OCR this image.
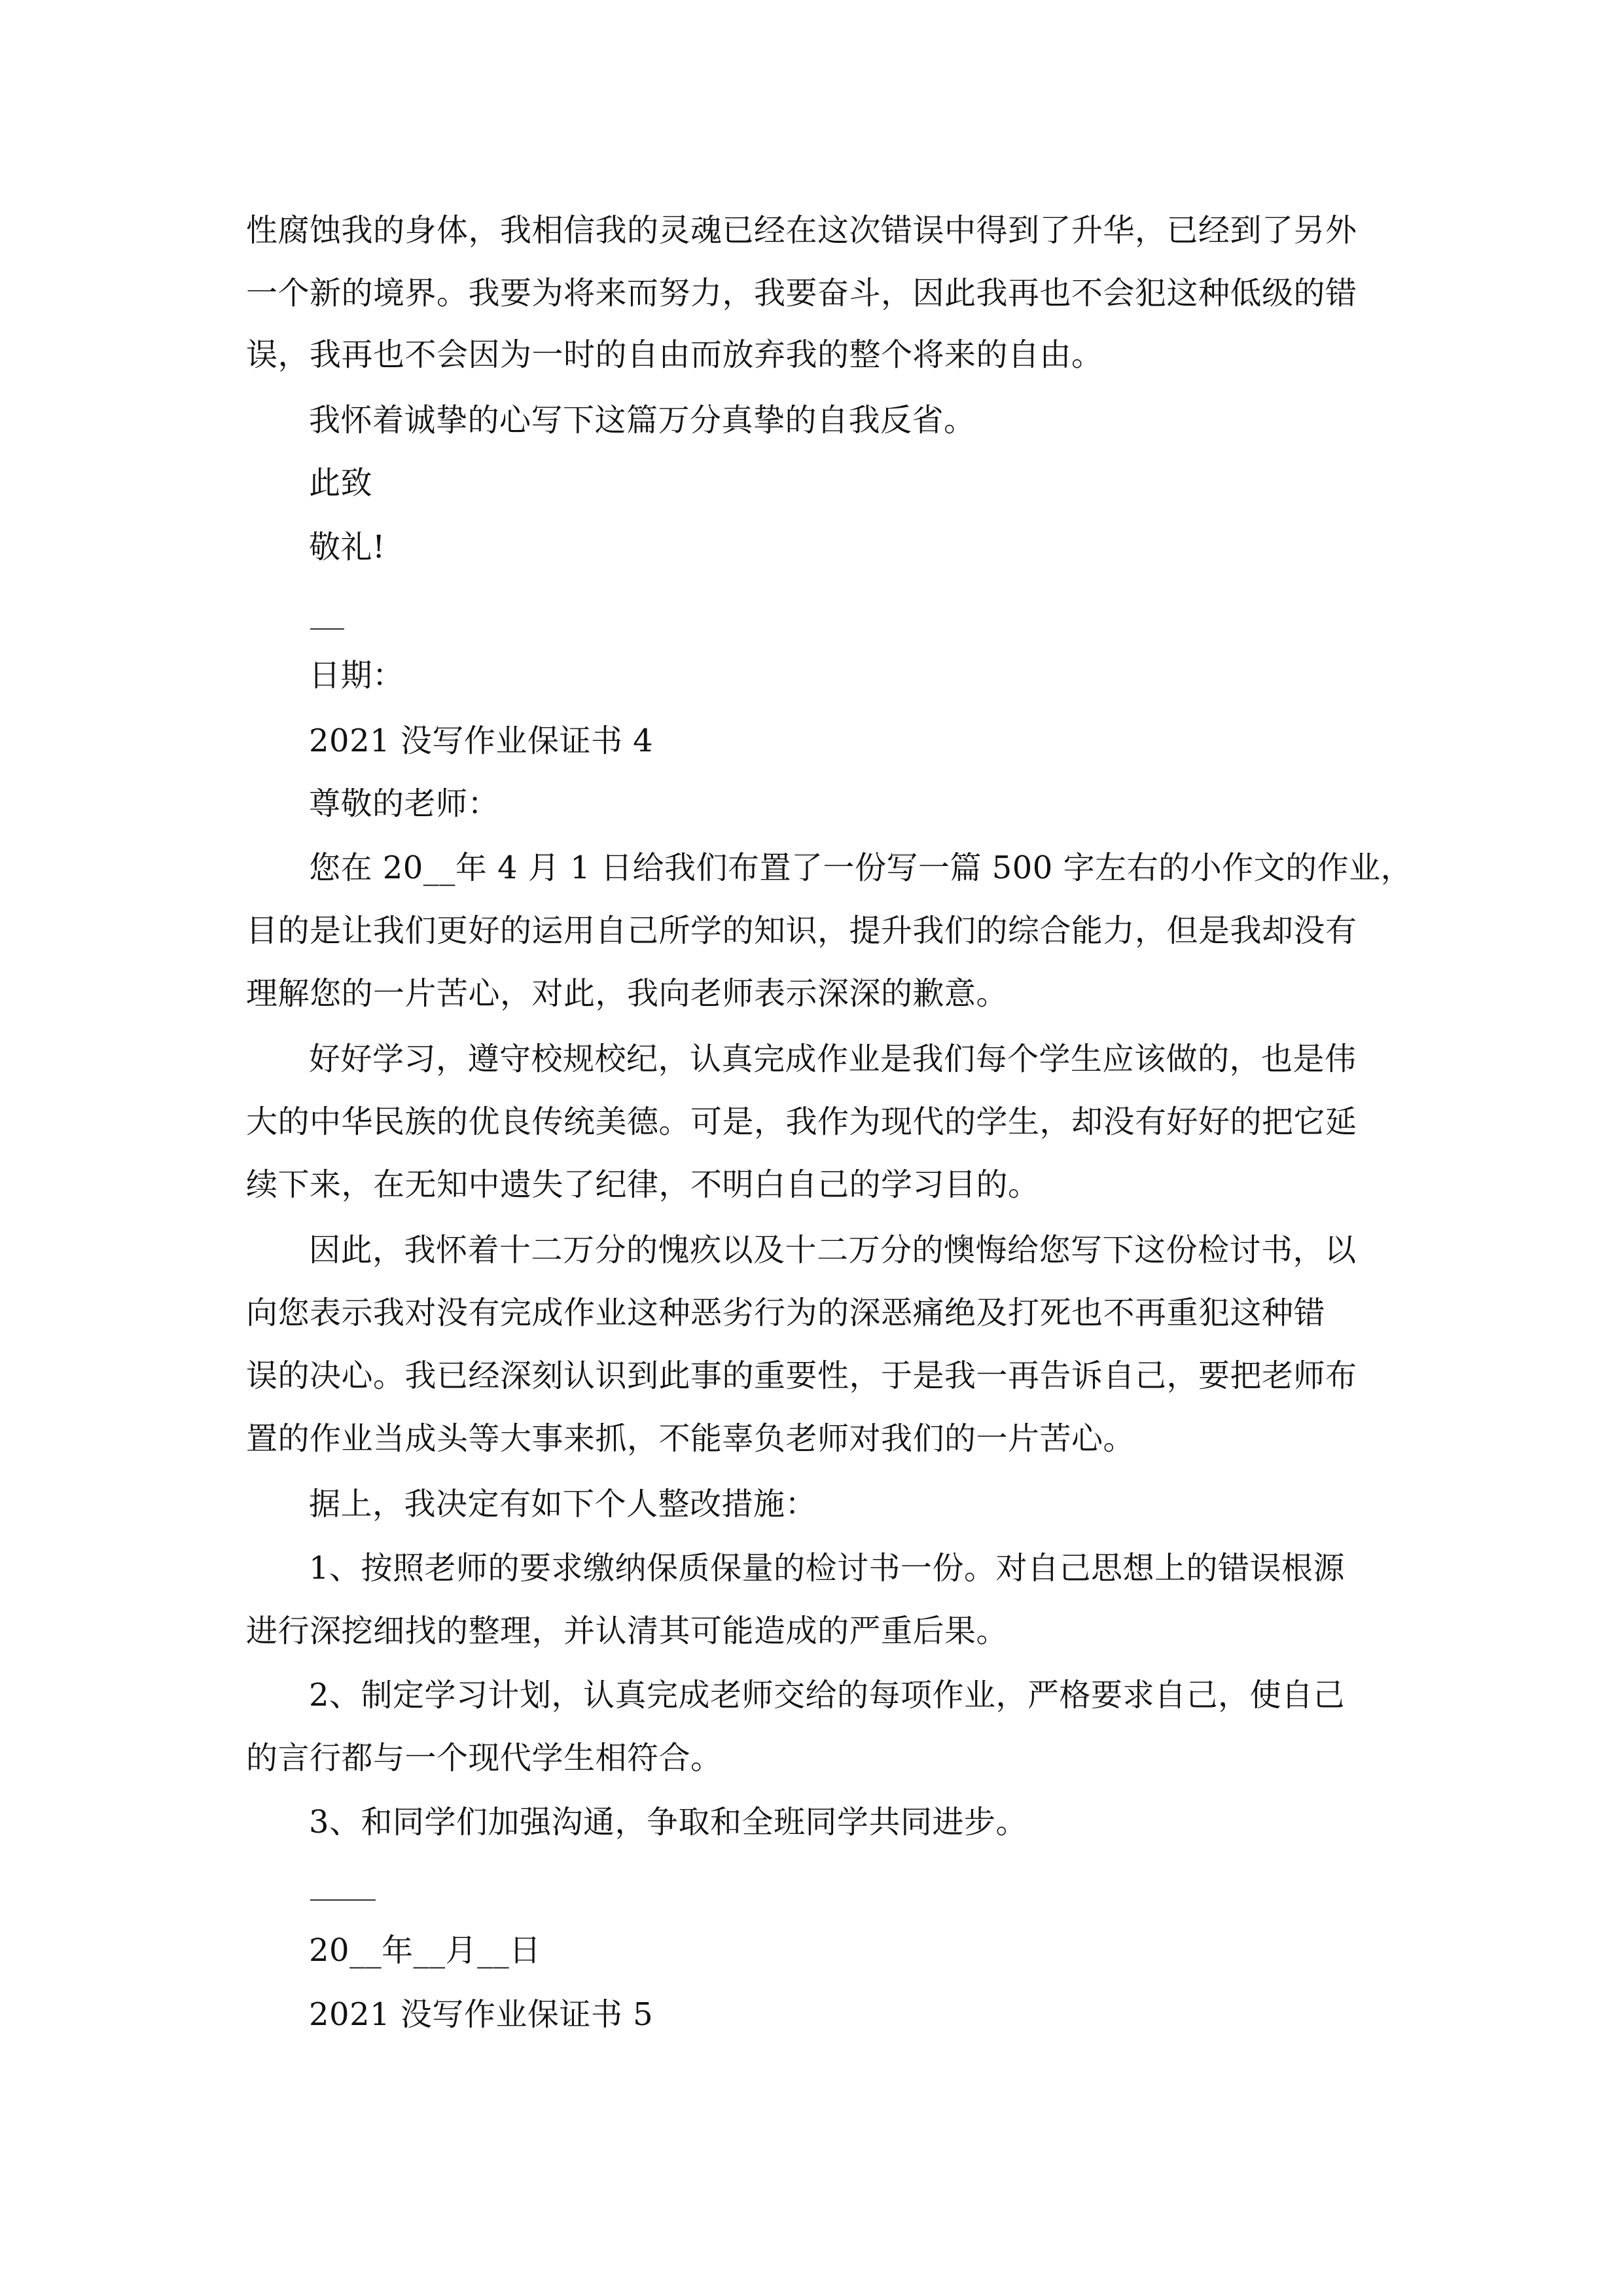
性腐蚀我的身体，我相信我的灵魂已经在这次错误中得到了升华，已经到了另外
一个新的境界。我要为将来而努力，我要奋斗，因此我再也不会犯这种低级的错
误，我再也不会因为一时的自由而放弃我的整个将来的自由。
我怀着诚挚的心写下这篇万分真挚的自我反省。
此致
敬礼!
日期：
2021 没写作业保证书 4
尊敬的老师：
您在 20__年 4 月 1 日给我们布置了一份写一篇 500 字左右的小作文的作业，
目的是让我们更好的运用自己所学的知识，提升我们的综合能力，但是我却没有
理解您的一片苦心，对此，我向老师表示深深的歉意。
好好学习，遵守校规校纪，认真完成作业是我们每个学生应该做的，也是伟
大的中华民族的优良传统美德。可是，我作为现代的学生，却没有好好的把它延
续下来，在无知中遗失了纪律，不明白自己的学习目的。
因此，我怀着十二万分的愧疚以及十二万分的懊悔给您写下这份检讨书，以
向您表示我对没有完成作业这种恶劣行为的深恶痛绝及打死也不再重犯这种错
误的决心。我已经深刻认识到此事的重要性，于是我一再告诉自己，要把老师布
置的作业当成头等大事来抓，不能辜负老师对我们的一片苦心。
据上，我决定有如下个人整改措施：
1、按照老师的要求缴纳保质保量的检讨书一份。对自己思想上的错误根源
进行深挖细找的整理，并认清其可能造成的严重后果。
2、制定学习计划，认真完成老师交给的每项作业，严格要求自己，使自己
的言行都与一个现代学生相符合。
3、和同学们加强沟通，争取和全班同学共同进步。
20__年__月__日
2021 没写作业保证书 5
